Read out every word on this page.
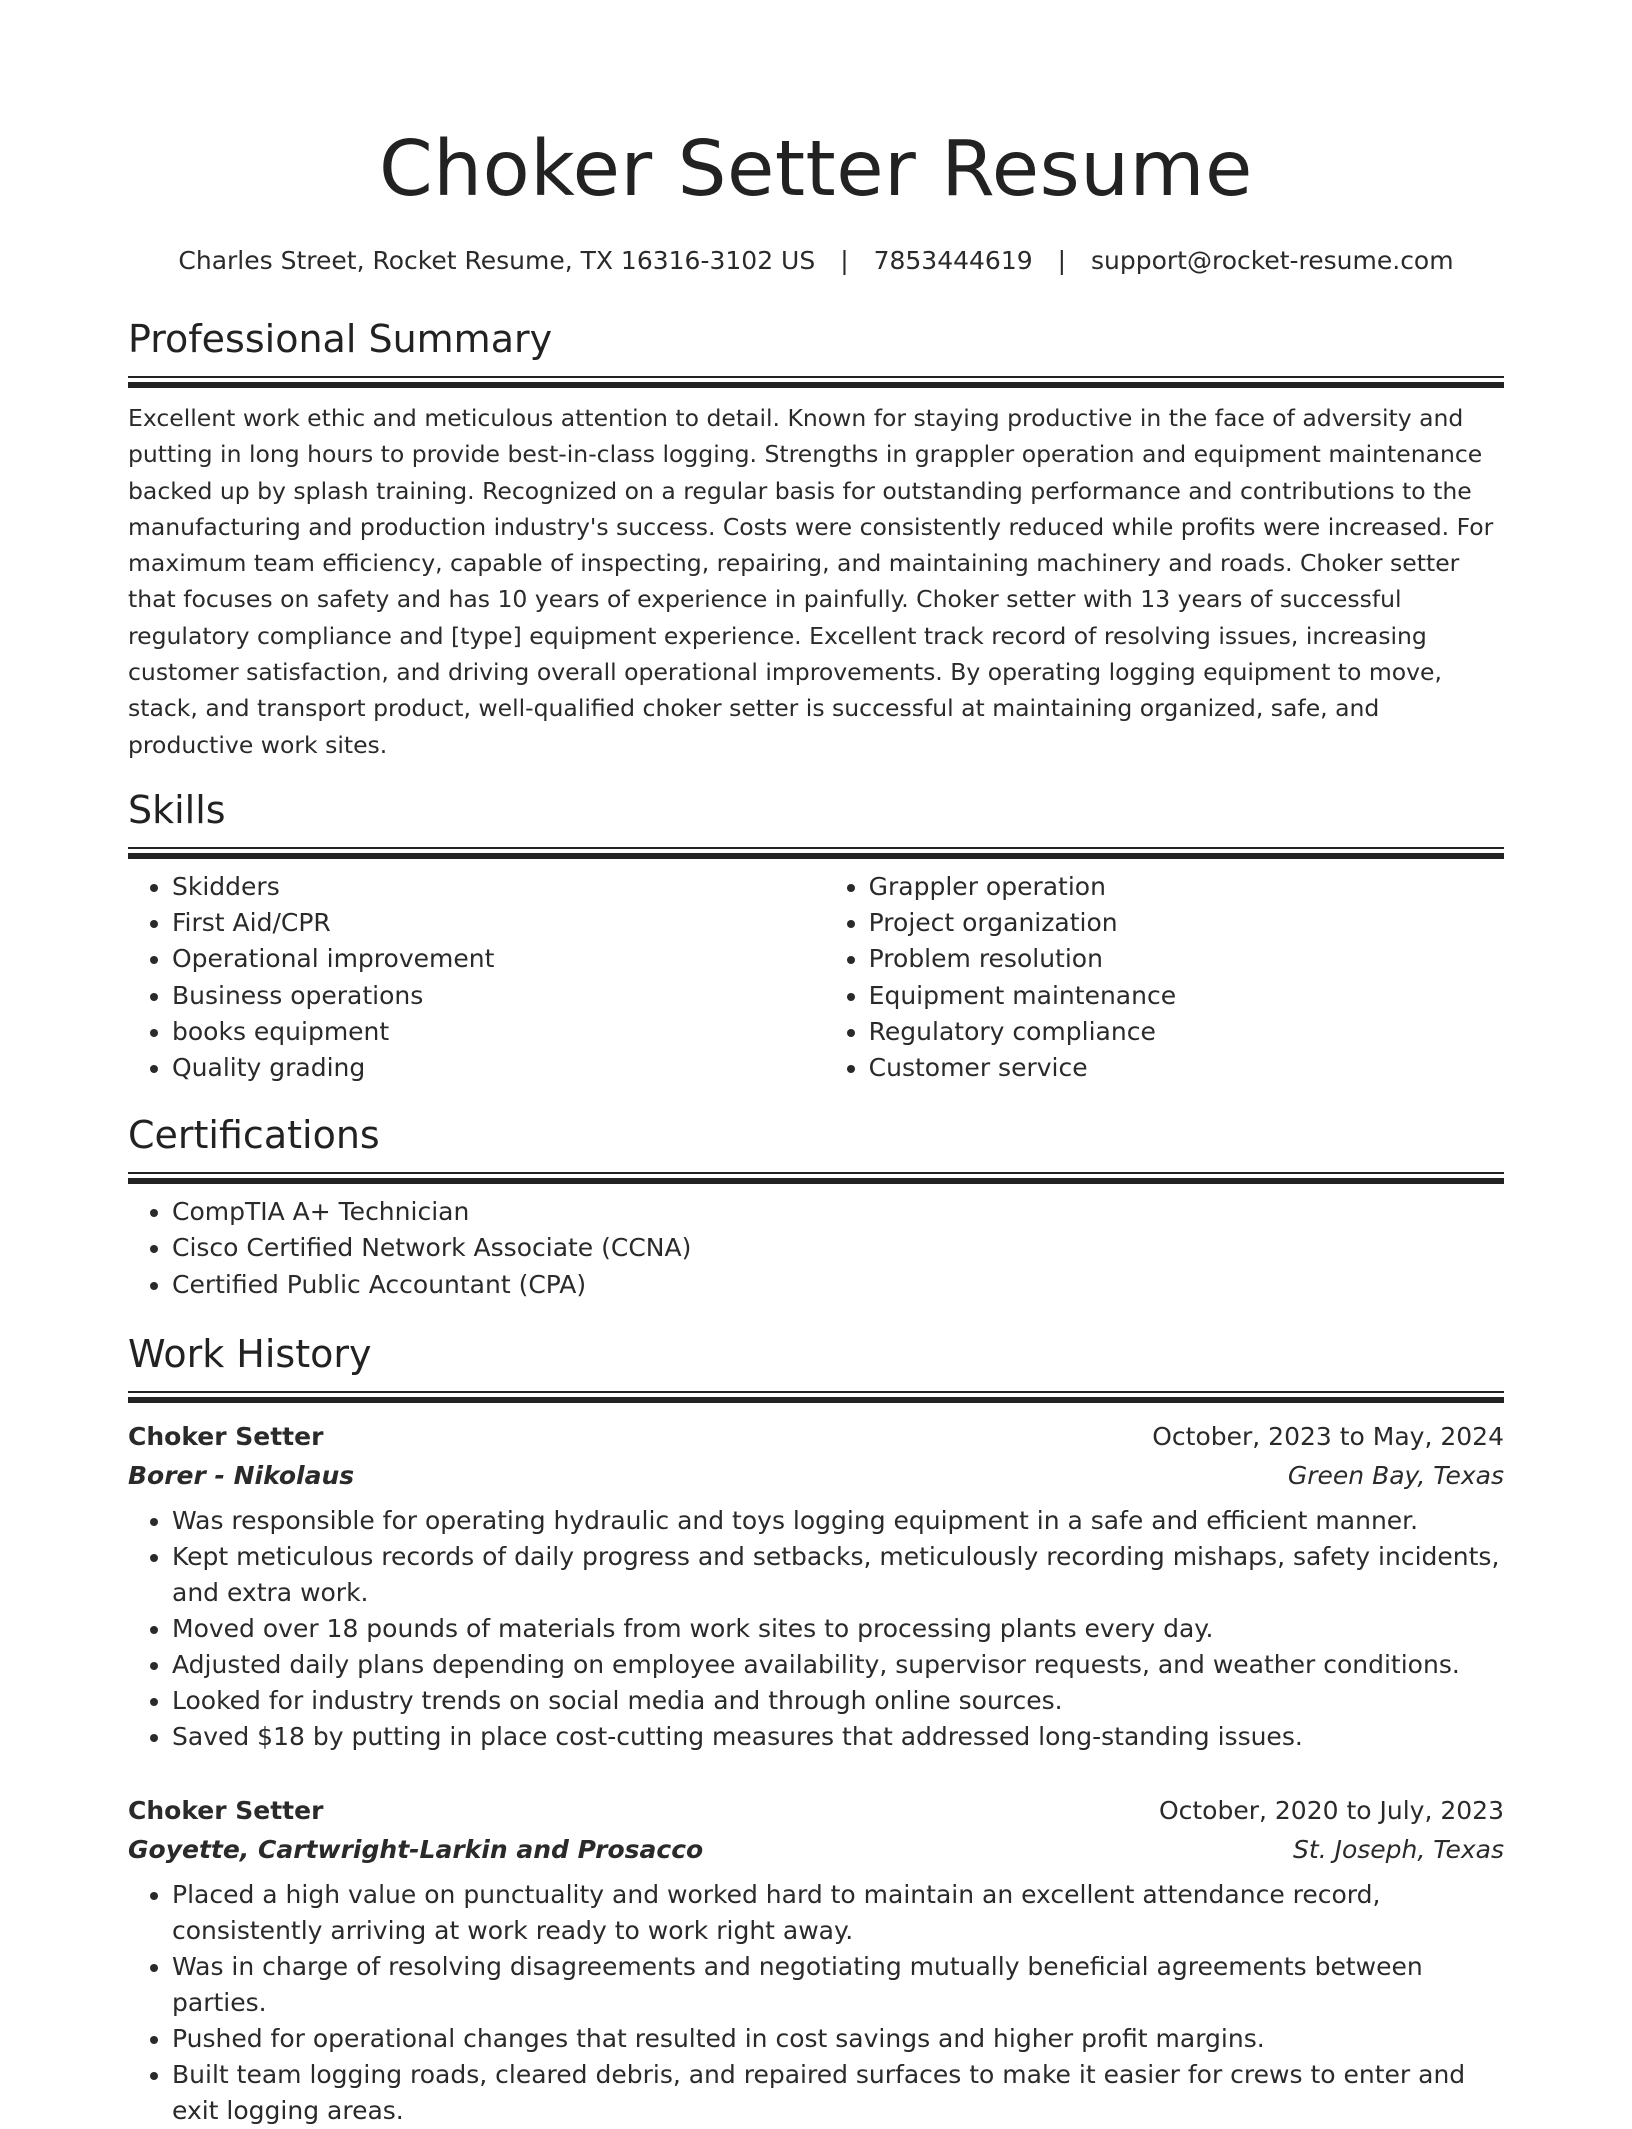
Choker Setter Resume
Charles Street, Rocket Resume, TX 16316-3102 US | 7853444619 | support@rocket-resume.com
Professional Summary
Excellent work ethic and meticulous attention to detail. Known for staying productive in the face of adversity and putting in long hours to provide best-in-class logging. Strengths in grappler operation and equipment maintenance backed up by splash training. Recognized on a regular basis for outstanding performance and contributions to the manufacturing and production industry's success. Costs were consistently reduced while profits were increased. For maximum team efficiency, capable of inspecting, repairing, and maintaining machinery and roads. Choker setter that focuses on safety and has 10 years of experience in painfully. Choker setter with 13 years of successful regulatory compliance and [type] equipment experience. Excellent track record of resolving issues, increasing customer satisfaction, and driving overall operational improvements. By operating logging equipment to move, stack, and transport product, well-qualified choker setter is successful at maintaining organized, safe, and productive work sites.
Skills
• Skidders
• First Aid/CPR
• Operational improvement
• Business operations
• books equipment
• Quality grading
• Grappler operation
• Project organization
• Problem resolution
• Equipment maintenance
• Regulatory compliance
• Customer service
Certifications
• CompTIA A+ Technician
• Cisco Certified Network Associate (CCNA)
• Certified Public Accountant (CPA)
Work History
Choker Setter	October, 2023 to May, 2024
Borer - Nikolaus	Green Bay, Texas
• Was responsible for operating hydraulic and toys logging equipment in a safe and efficient manner.
• Kept meticulous records of daily progress and setbacks, meticulously recording mishaps, safety incidents, and extra work.
• Moved over 18 pounds of materials from work sites to processing plants every day.
• Adjusted daily plans depending on employee availability, supervisor requests, and weather conditions.
• Looked for industry trends on social media and through online sources.
• Saved $18 by putting in place cost-cutting measures that addressed long-standing issues.
Choker Setter	October, 2020 to July, 2023
Goyette, Cartwright-Larkin and Prosacco	St. Joseph, Texas
• Placed a high value on punctuality and worked hard to maintain an excellent attendance record, consistently arriving at work ready to work right away.
• Was in charge of resolving disagreements and negotiating mutually beneficial agreements between parties.
• Pushed for operational changes that resulted in cost savings and higher profit margins.
• Built team logging roads, cleared debris, and repaired surfaces to make it easier for crews to enter and exit logging areas.
